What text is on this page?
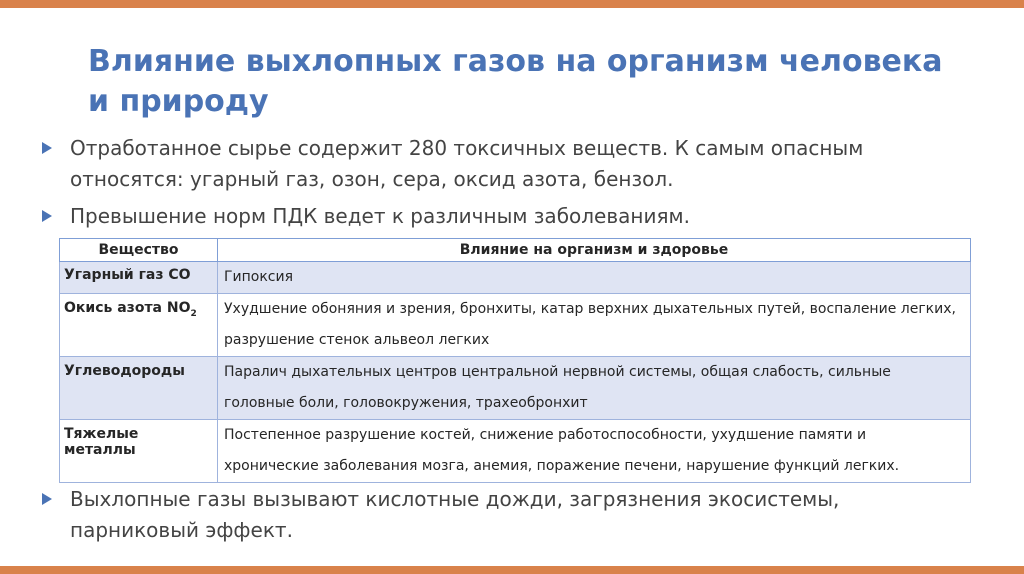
Влияние выхлопных газов на организм человека и природу
Отработанное сырье содержит 280 токсичных веществ. К самым опасным относятся: угарный газ, озон, сера, оксид азота, бензол.
Превышение норм ПДК ведет к различным заболеваниям.
Вещество	Влияние на организм и здоровье
Угарный газ СО	Гипоксия
Окись азота $NO_2$	Ухудшение обоняния и зрения, бронхиты, катар верхних дыхательных путей, воспаление легких, разрушение стенок альвеол легких
Углеводороды	Паралич дыхательных центров центральной нервной системы, общая слабость, сильные головные боли, головокружения, трахеобронхит
Тяжелые металлы	Постепенное разрушение костей, снижение работоспособности, ухудшение памяти и хронические заболевания мозга, анемия, поражение печени, нарушение функций легких.
Выхлопные газы вызывают кислотные дожди, загрязнения экосистемы, парниковый эффект.
